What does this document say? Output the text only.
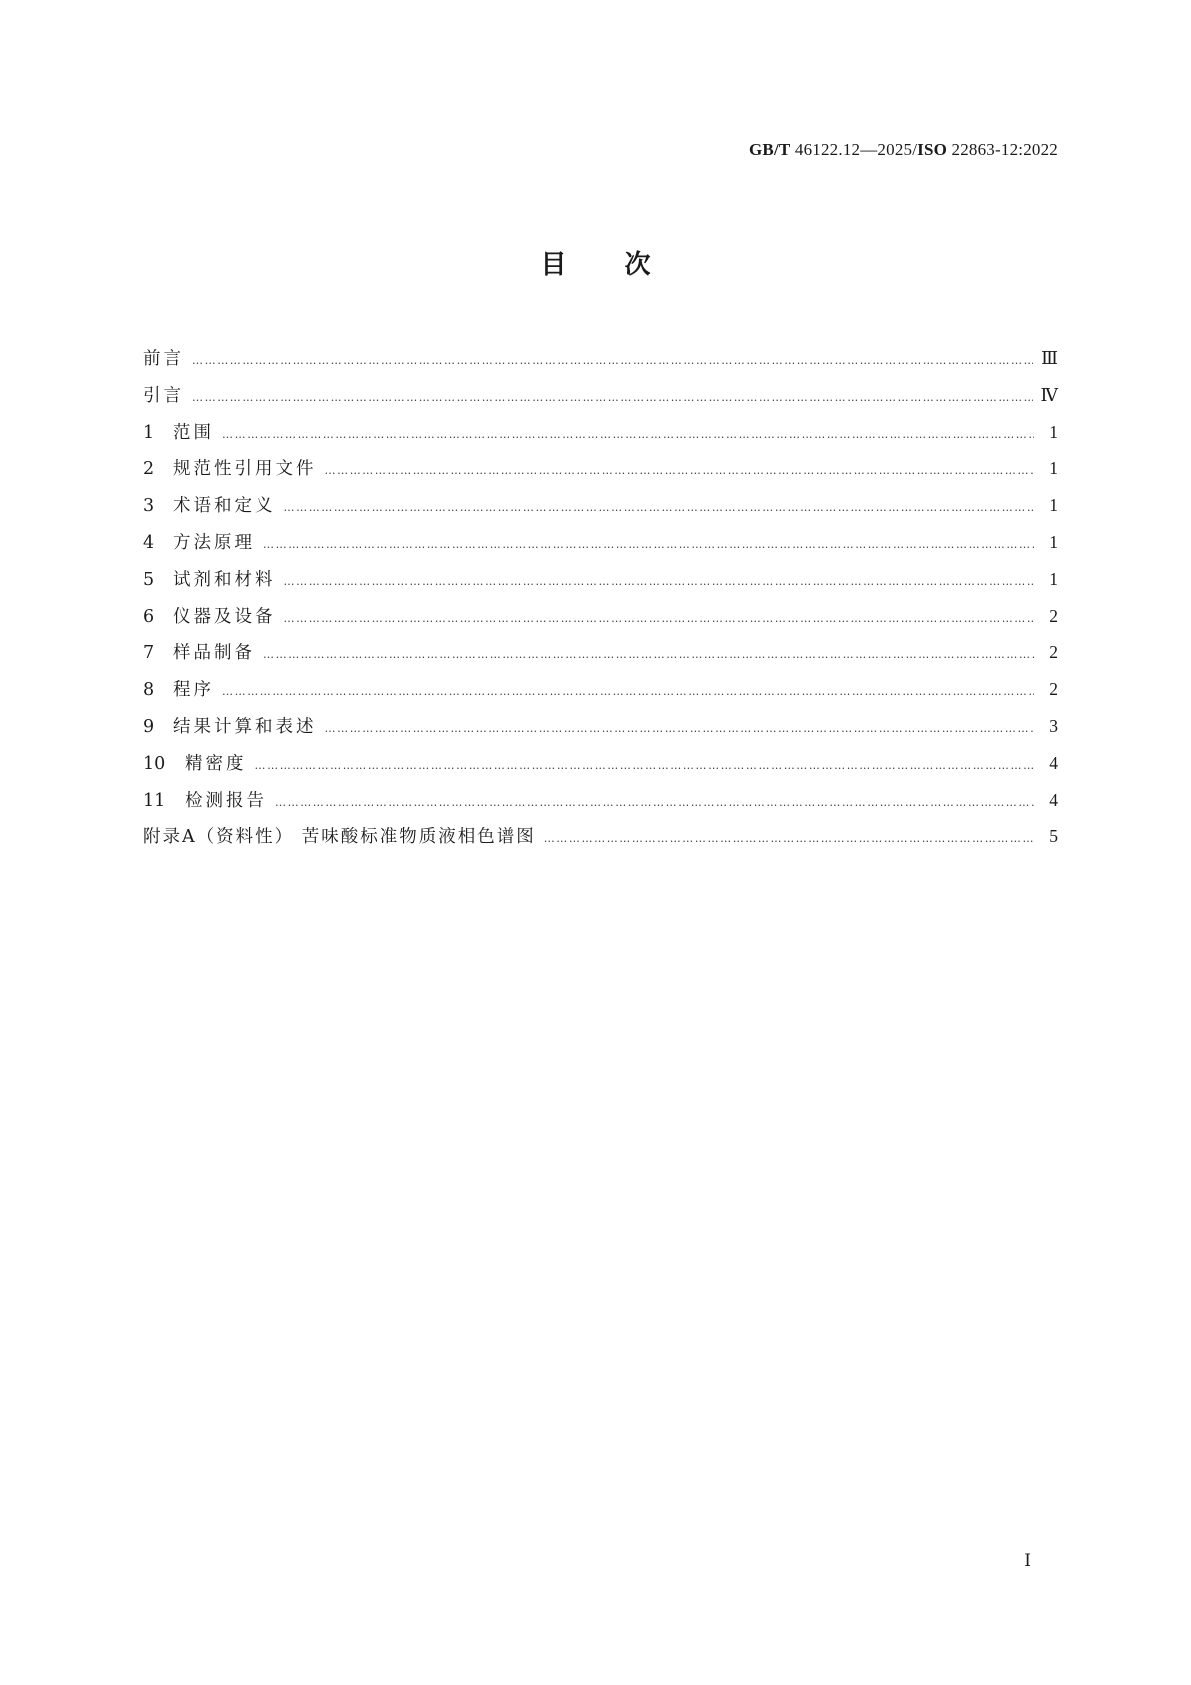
GB/T 46122.12—2025/ISO 22863-12:2022
目次
前言 ……………………………………………………………………………………………………………………………………………………………………………………………………………………………………………………………………	Ⅲ
引言 ……………………………………………………………………………………………………………………………………………………………………………………………………………………………………………………………………	Ⅳ
1 范围 ……………………………………………………………………………………………………………………………………………………………………………………………………………………………………………………………………	1
2 规范性引用文件 ……………………………………………………………………………………………………………………………………………………………………………………………………………………………………………………………………	1
3 术语和定义 ……………………………………………………………………………………………………………………………………………………………………………………………………………………………………………………………………	1
4 方法原理 ……………………………………………………………………………………………………………………………………………………………………………………………………………………………………………………………………	1
5 试剂和材料 ……………………………………………………………………………………………………………………………………………………………………………………………………………………………………………………………………	1
6 仪器及设备 ……………………………………………………………………………………………………………………………………………………………………………………………………………………………………………………………………	2
7 样品制备 ……………………………………………………………………………………………………………………………………………………………………………………………………………………………………………………………………	2
8 程序 ……………………………………………………………………………………………………………………………………………………………………………………………………………………………………………………………………	2
9 结果计算和表述 ……………………………………………………………………………………………………………………………………………………………………………………………………………………………………………………………………	3
10 精密度 ……………………………………………………………………………………………………………………………………………………………………………………………………………………………………………………………………	4
11 检测报告 ……………………………………………………………………………………………………………………………………………………………………………………………………………………………………………………………………	4
附录A（资料性） 苦味酸标准物质液相色谱图 ……………………………………………………………………………………………………………………………………………………………………………………………………………………………………………………………………	5
Ⅰ
